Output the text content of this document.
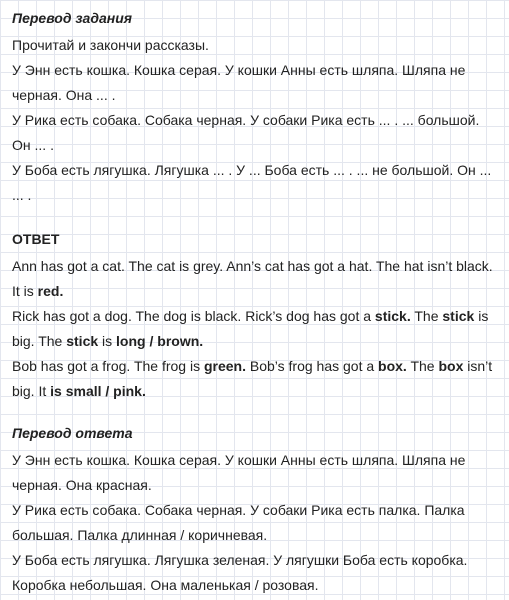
Перевод задания

Прочитай и закончи рассказы.

У Энн есть кошка. Кошка серая. У кошки Анны есть шляпа. Шляпа не черная. Она ... .

У Рика есть собака. Собака черная. У собаки Рика есть ... . ... большой. Он ... .

У Боба есть лягушка. Лягушка ... . У ... Боба есть ... . ... не большой. Он ... ... .

ОТВЕТ

Ann has got a cat. The cat is grey. Ann’s cat has got a hat. The hat isn’t black. It is red.

Rick has got a dog. The dog is black. Rick’s dog has got a stick. The stick is big. The stick is long / brown.

Bob has got a frog. The frog is green. Bob’s frog has got a box. The box isn’t big. It is small / pink.

Перевод ответа

У Энн есть кошка. Кошка серая. У кошки Анны есть шляпа. Шляпа не черная. Она красная.

У Рика есть собака. Собака черная. У собаки Рика есть палка. Палка большая. Палка длинная / коричневая.

У Боба есть лягушка. Лягушка зеленая. У лягушки Боба есть коробка. Коробка небольшая. Она маленькая / розовая.
